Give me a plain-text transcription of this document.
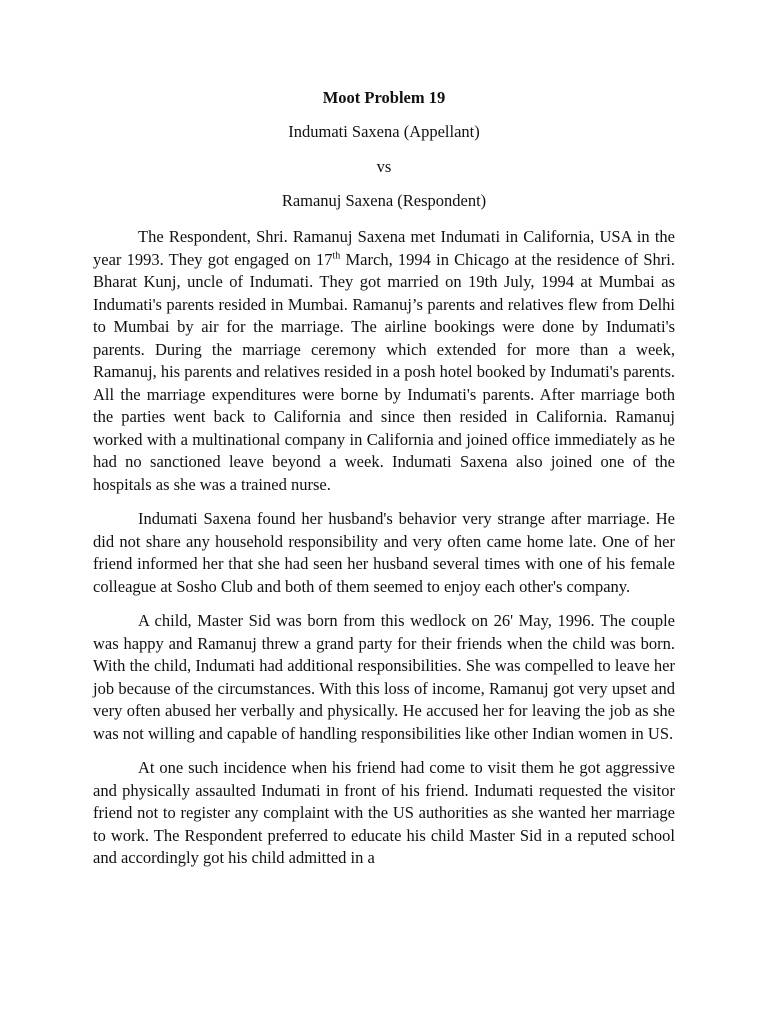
Moot Problem 19

Indumati Saxena (Appellant)

vs

Ramanuj Saxena (Respondent)

The Respondent, Shri. Ramanuj Saxena met Indumati in California, USA in the year 1993. They got engaged on 17th March, 1994 in Chicago at the residence of Shri. Bharat Kunj, uncle of Indumati. They got married on 19th July, 1994 at Mumbai as Indumati's parents resided in Mumbai. Ramanuj’s parents and relatives flew from Delhi to Mumbai by air for the marriage. The airline bookings were done by Indumati's parents. During the marriage ceremony which extended for more than a week, Ramanuj, his parents and relatives resided in a posh hotel booked by Indumati's parents. All the marriage expenditures were borne by Indumati's parents. After marriage both the parties went back to California and since then resided in California. Ramanuj worked with a multinational company in California and joined office immediately as he had no sanctioned leave beyond a week. Indumati Saxena also joined one of the hospitals as she was a trained nurse.

Indumati Saxena found her husband's behavior very strange after marriage. He did not share any household responsibility and very often came home late. One of her friend informed her that she had seen her husband several times with one of his female colleague at Sosho Club and both of them seemed to enjoy each other's company.

A child, Master Sid was born from this wedlock on 26' May, 1996. The couple was happy and Ramanuj threw a grand party for their friends when the child was born. With the child, Indumati had additional responsibilities. She was compelled to leave her job because of the circumstances. With this loss of income, Ramanuj got very upset and very often abused her verbally and physically. He accused her for leaving the job as she was not willing and capable of handling responsibilities like other Indian women in US.

At one such incidence when his friend had come to visit them he got aggressive and physically assaulted Indumati in front of his friend. Indumati requested the visitor friend not to register any complaint with the US authorities as she wanted her marriage to work. The Respondent preferred to educate his child Master Sid in a reputed school and accordingly got his child admitted in a
